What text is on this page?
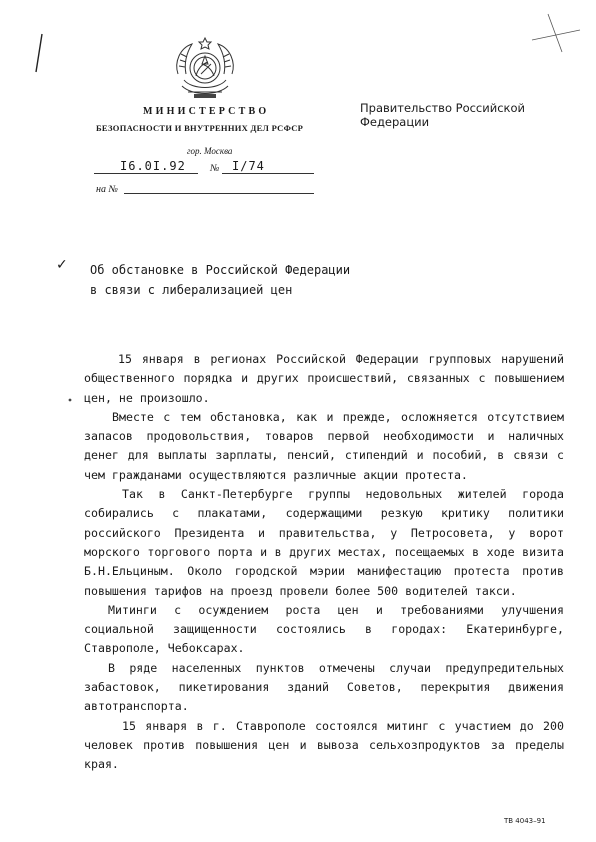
МИНИСТЕРСТВО
БЕЗОПАСНОСТИ И ВНУТРЕННИХ ДЕЛ РСФСР
гор. Москва
I6.0I.92 № I/74
на №
Правительство Российской
Федерации
✓ Об обстановке в Российской Федерации
в связи с либерализацией цен

15 января в регионах Российской Федерации групповых нарушений общественного порядка и других происшествий, связанных с повышением цен, не произошло.

Вместе с тем обстановка, как и прежде, осложняется отсутствием запасов продовольствия, товаров первой необходимости и наличных денег для выплаты зарплаты, пенсий, стипендий и пособий, в связи с чем гражданами осуществляются различные акции протеста.

Так в Санкт-Петербурге группы недовольных жителей города собирались с плакатами, содержащими резкую критику политики российского Президента и правительства, у Петросовета, у ворот морского торгового порта и в других местах, посещаемых в ходе визита Б.Н.Ельциным. Около городской мэрии манифестацию протеста против повышения тарифов на проезд провели более 500 водителей такси.

Митинги с осуждением роста цен и требованиями улучшения социальной защищенности состоялись в городах: Екатеринбурге, Ставрополе, Чебоксарах.

В ряде населенных пунктов отмечены случаи предупредительных забастовок, пикетирования зданий Советов, перекрытия движения автотранспорта.

15 января в г. Ставрополе состоялся митинг с участием до 200 человек против повышения цен и вывоза сельхозпродуктов за пределы края.

ТВ 4043–91
